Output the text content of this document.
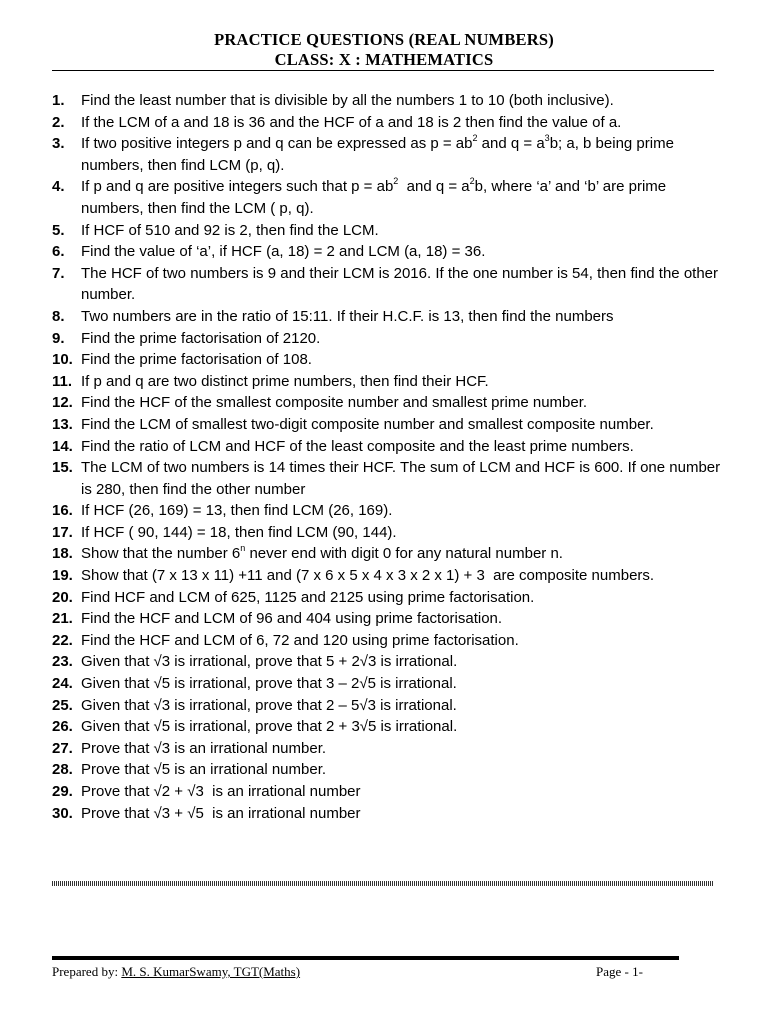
PRACTICE QUESTIONS (REAL NUMBERS)
CLASS: X : MATHEMATICS
1.	Find the least number that is divisible by all the numbers 1 to 10 (both inclusive).
2.	If the LCM of a and 18 is 36 and the HCF of a and 18 is 2 then find the value of a.
3.	If two positive integers p and q can be expressed as $p = ab^2$ and $q = a^3b$; a, b being prime numbers, then find LCM (p, q).
4.	If p and q are positive integers such that $p = ab^2$  and $q = a^2b$, where ‘a’ and ‘b’ are prime numbers, then find the LCM ( p, q).
5.	If HCF of 510 and 92 is 2, then find the LCM.
6.	Find the value of ‘a’, if HCF (a, 18) = 2 and LCM (a, 18) = 36.
7.	The HCF of two numbers is 9 and their LCM is 2016. If the one number is 54, then find the other number.
8.	Two numbers are in the ratio of 15:11. If their H.C.F. is 13, then find the numbers
9.	Find the prime factorisation of 2120.
10. Find the prime factorisation of 108.
11. If p and q are two distinct prime numbers, then find their HCF.
12. Find the HCF of the smallest composite number and smallest prime number.
13. Find the LCM of smallest two-digit composite number and smallest composite number.
14. Find the ratio of LCM and HCF of the least composite and the least prime numbers.
15. The LCM of two numbers is 14 times their HCF. The sum of LCM and HCF is 600. If one number is 280, then find the other number
16. If HCF (26, 169) = 13, then find LCM (26, 169).
17. If HCF ( 90, 144) = 18, then find LCM (90, 144).
18. Show that the number 6$^n$ never end with digit 0 for any natural number n.
19. Show that (7 x 13 x 11) +11 and (7 x 6 x 5 x 4 x 3 x 2 x 1) + 3  are composite numbers.
20. Find HCF and LCM of 625, 1125 and 2125 using prime factorisation.
21. Find the HCF and LCM of 96 and 404 using prime factorisation.
22. Find the HCF and LCM of 6, 72 and 120 using prime factorisation.
23. Given that √3 is irrational, prove that 5 + 2√3 is irrational.
24. Given that √5 is irrational, prove that 3 – 2√5 is irrational.
25. Given that √3 is irrational, prove that 2 – 5√3 is irrational.
26. Given that √5 is irrational, prove that 2 + 3√5 is irrational.
27. Prove that √3 is an irrational number.
28. Prove that √5 is an irrational number.
29. Prove that √2 + √3  is an irrational number
30. Prove that √3 + √5  is an irrational number
Prepared by: M. S. KumarSwamy, TGT(Maths)	Page - 1-
